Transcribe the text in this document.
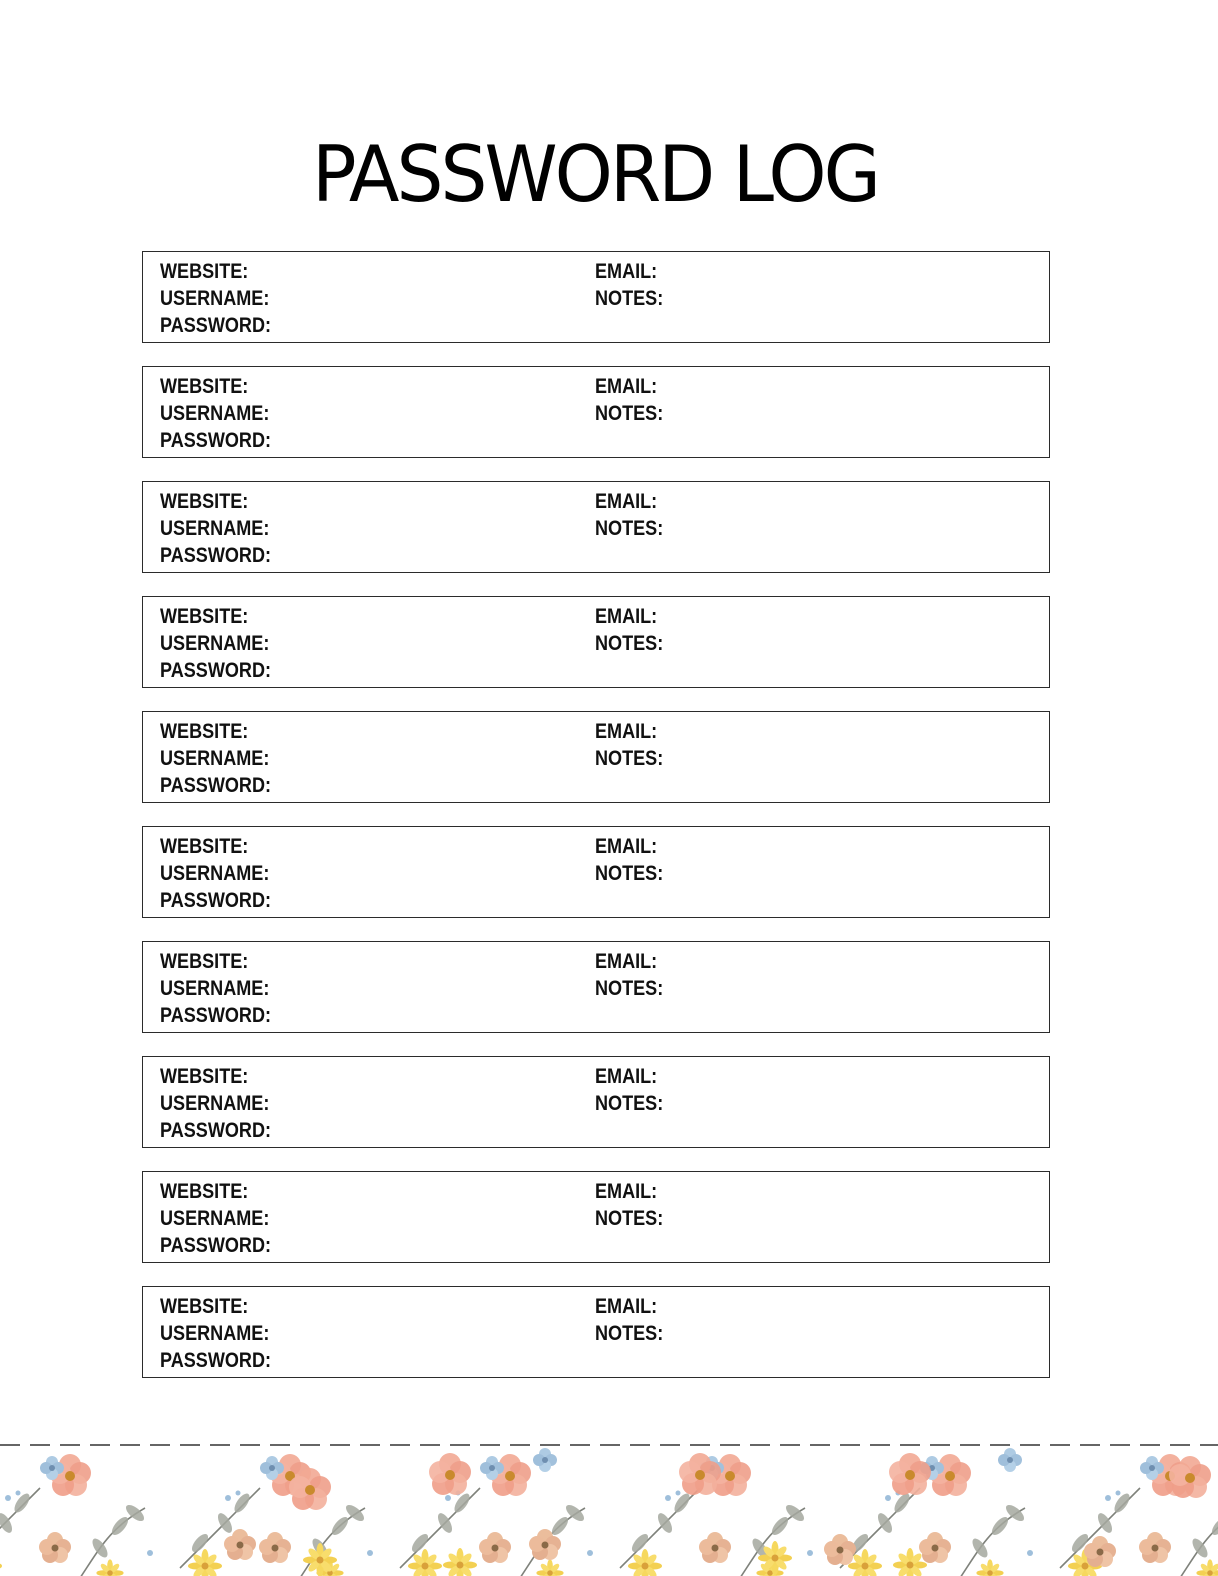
PASSWORD LOG
WEBSITE:
USERNAME:
PASSWORD:
EMAIL:
NOTES:
WEBSITE:
USERNAME:
PASSWORD:
EMAIL:
NOTES:
WEBSITE:
USERNAME:
PASSWORD:
EMAIL:
NOTES:
WEBSITE:
USERNAME:
PASSWORD:
EMAIL:
NOTES:
WEBSITE:
USERNAME:
PASSWORD:
EMAIL:
NOTES:
WEBSITE:
USERNAME:
PASSWORD:
EMAIL:
NOTES:
WEBSITE:
USERNAME:
PASSWORD:
EMAIL:
NOTES:
WEBSITE:
USERNAME:
PASSWORD:
EMAIL:
NOTES:
WEBSITE:
USERNAME:
PASSWORD:
EMAIL:
NOTES:
WEBSITE:
USERNAME:
PASSWORD:
EMAIL:
NOTES:
